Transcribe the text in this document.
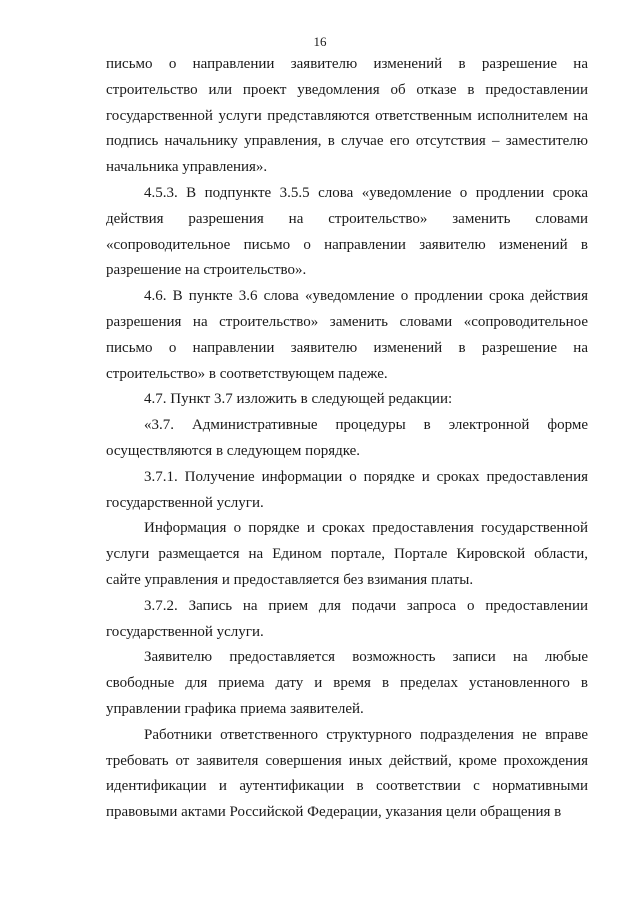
16

письмо о направлении заявителю изменений в разрешение на строительство или проект уведомления об отказе в предоставлении государственной услуги представляются ответственным исполнителем на подпись начальнику управления, в случае его отсутствия – заместителю начальника управления».

4.5.3. В подпункте 3.5.5 слова «уведомление о продлении срока действия разрешения на строительство» заменить словами «сопроводительное письмо о направлении заявителю изменений в разрешение на строительство».

4.6. В пункте 3.6 слова «уведомление о продлении срока действия разрешения на строительство» заменить словами «сопроводительное письмо о направлении заявителю изменений в разрешение на строительство» в соответствующем падеже.

4.7. Пункт 3.7 изложить в следующей редакции:

«3.7. Административные процедуры в электронной форме осуществляются в следующем порядке.

3.7.1. Получение информации о порядке и сроках предоставления государственной услуги.

Информация о порядке и сроках предоставления государственной услуги размещается на Едином портале, Портале Кировской области, сайте управления и предоставляется без взимания платы.

3.7.2. Запись на прием для подачи запроса о предоставлении государственной услуги.

Заявителю предоставляется возможность записи на любые свободные для приема дату и время в пределах установленного в управлении графика приема заявителей.

Работники ответственного структурного подразделения не вправе требовать от заявителя совершения иных действий, кроме прохождения идентификации и аутентификации в соответствии с нормативными правовыми актами Российской Федерации, указания цели обращения в
